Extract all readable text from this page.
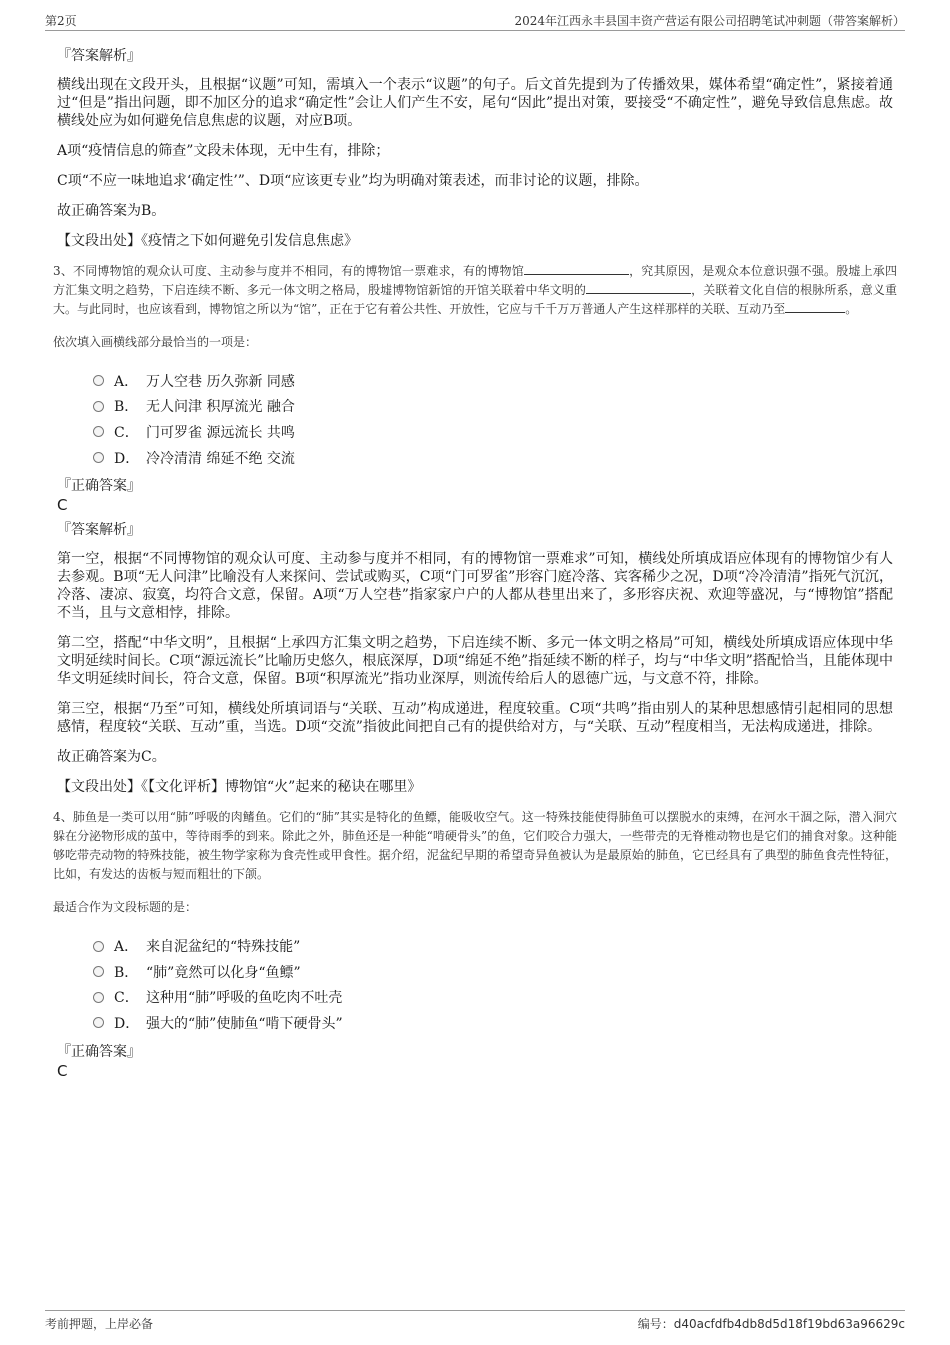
第2页	2024年江西永丰县国丰资产营运有限公司招聘笔试冲刺题（带答案解析）
『答案解析』

横线出现在文段开头，且根据“议题”可知，需填入一个表示“议题”的句子。后文首先提到为了传播效果，媒体希望“确定性”，紧接着通过“但是”指出问题，即不加区分的追求“确定性”会让人们产生不安，尾句“因此”提出对策，要接受“不确定性”，避免导致信息焦虑。故横线处应为如何避免信息焦虑的议题，对应B项。

A项“疫情信息的筛查”文段未体现，无中生有，排除；

C项“不应一味地追求‘确定性’”、D项“应该更专业”均为明确对策表述，而非讨论的议题，排除。

故正确答案为B。

【文段出处】《疫情之下如何避免引发信息焦虑》

3、不同博物馆的观众认可度、主动参与度并不相同，有的博物馆一票难求，有的博物馆	，究其原因，是观众本位意识强不强。殷墟上承四方汇集文明之趋势，下启连续不断、多元一体文明之格局，殷墟博物馆新馆的开馆关联着中华文明的	，关联着文化自信的根脉所系，意义重大。与此同时，也应该看到，博物馆之所以为“馆”，正在于它有着公共性、开放性，它应与千千万万普通人产生这样那样的关联、互动乃至	。

依次填入画横线部分最恰当的一项是：

A． 万人空巷 历久弥新 同感
B． 无人问津 积厚流光 融合
C． 门可罗雀 源远流长 共鸣
D． 冷冷清清 绵延不绝 交流
『正确答案』
C
『答案解析』

第一空，根据“不同博物馆的观众认可度、主动参与度并不相同，有的博物馆一票难求”可知，横线处所填成语应体现有的博物馆少有人去参观。B项“无人问津”比喻没有人来探问、尝试或购买，C项“门可罗雀”形容门庭冷落、宾客稀少之况，D项“冷冷清清”指死气沉沉，冷落、凄凉、寂寞，均符合文意，保留。A项“万人空巷”指家家户户的人都从巷里出来了，多形容庆祝、欢迎等盛况，与“博物馆”搭配不当，且与文意相悖，排除。

第二空，搭配“中华文明”，且根据“上承四方汇集文明之趋势，下启连续不断、多元一体文明之格局”可知，横线处所填成语应体现中华文明延续时间长。C项“源远流长”比喻历史悠久，根底深厚，D项“绵延不绝”指延续不断的样子，均与“中华文明”搭配恰当，且能体现中华文明延续时间长，符合文意，保留。B项“积厚流光”指功业深厚，则流传给后人的恩德广远，与文意不符，排除。

第三空，根据“乃至”可知，横线处所填词语与“关联、互动”构成递进，程度较重。C项“共鸣”指由别人的某种思想感情引起相同的思想感情，程度较“关联、互动”重，当选。D项“交流”指彼此间把自己有的提供给对方，与“关联、互动”程度相当，无法构成递进，排除。

故正确答案为C。

【文段出处】《【文化评析】博物馆“火”起来的秘诀在哪里》

4、肺鱼是一类可以用“肺”呼吸的肉鳍鱼。它们的“肺”其实是特化的鱼鳔，能吸收空气。这一特殊技能使得肺鱼可以摆脱水的束缚，在河水干涸之际，潜入洞穴躲在分泌物形成的茧中，等待雨季的到来。除此之外，肺鱼还是一种能“啃硬骨头”的鱼，它们咬合力强大，一些带壳的无脊椎动物也是它们的捕食对象。这种能够吃带壳动物的特殊技能，被生物学家称为食壳性或甲食性。据介绍，泥盆纪早期的希望奇异鱼被认为是最原始的肺鱼，它已经具有了典型的肺鱼食壳性特征，比如，有发达的齿板与短而粗壮的下颌。

最适合作为文段标题的是：

A． 来自泥盆纪的“特殊技能”
B． “肺”竟然可以化身“鱼鳔”
C． 这种用“肺”呼吸的鱼吃肉不吐壳
D． 强大的“肺”使肺鱼“啃下硬骨头”
『正确答案』
C
考前押题，上岸必备	编号：d40acfdfb4db8d5d18f19bd63a96629c
